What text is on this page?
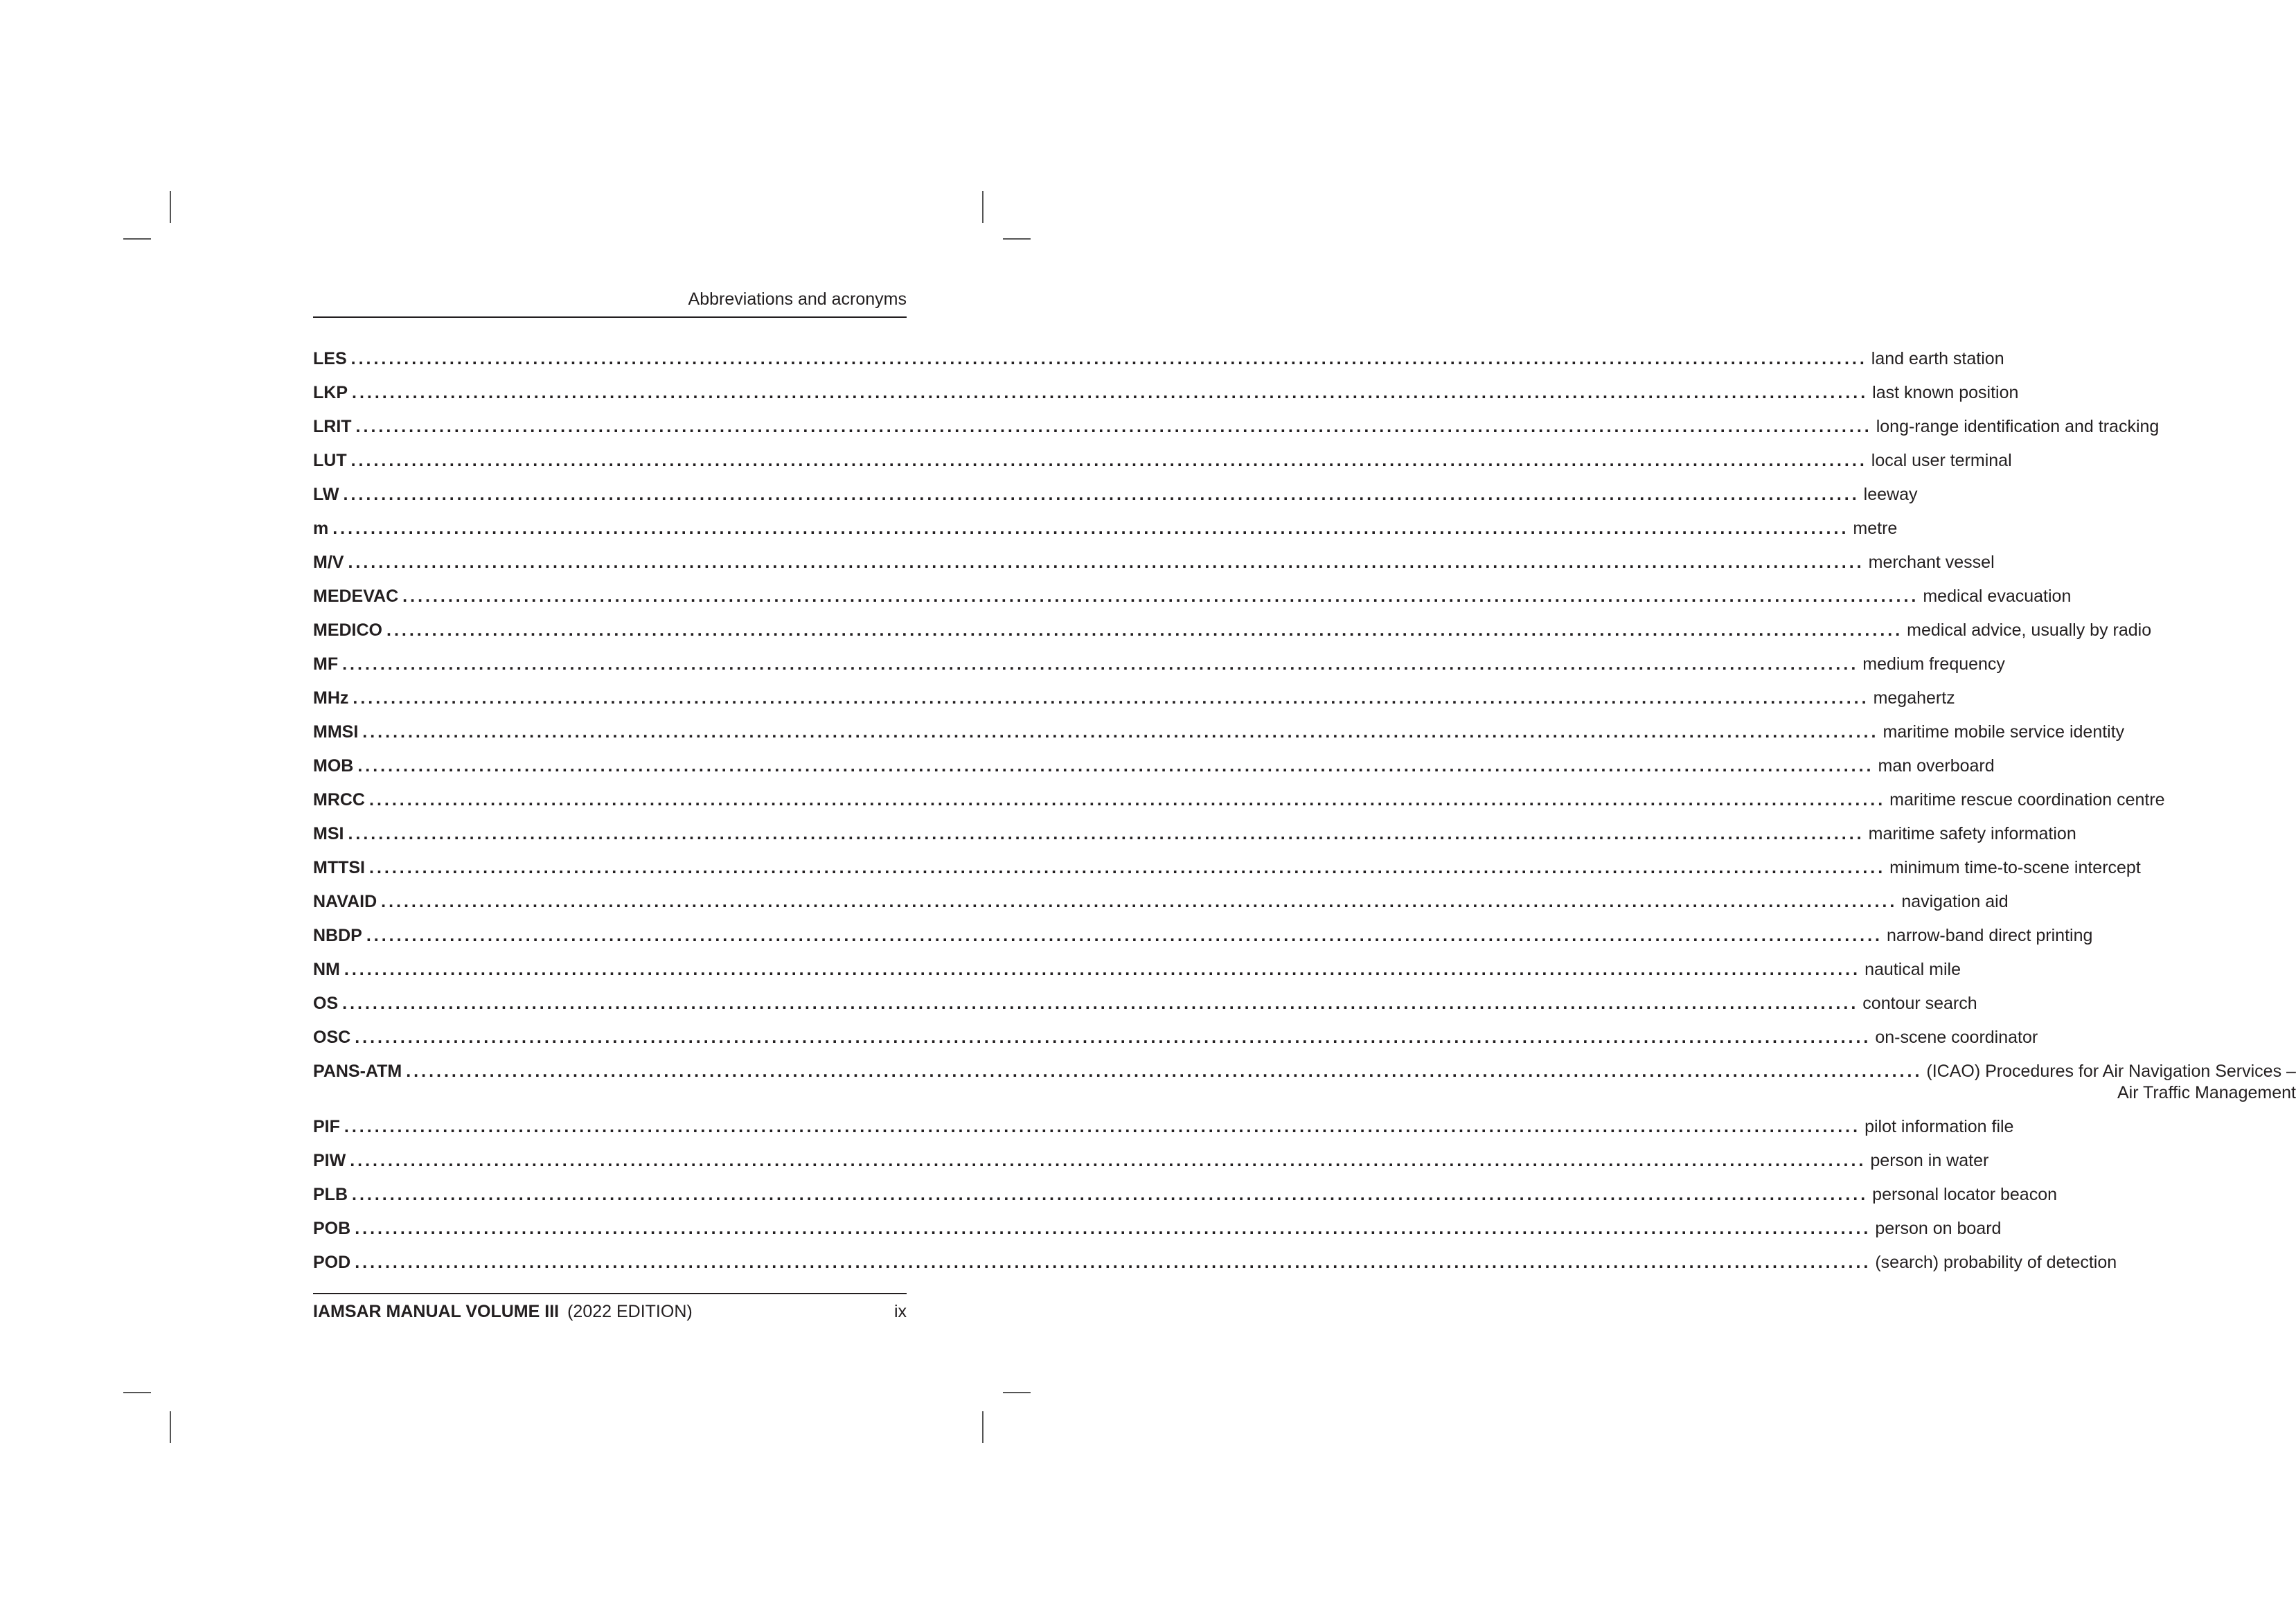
Abbreviations and acronyms
LES ........................................................................................................................................................................................................ land earth station
LKP ........................................................................................................................................................................................................ last known position
LRIT ........................................................................................................................................................................................................ long-range identification and tracking
LUT ........................................................................................................................................................................................................ local user terminal
LW ........................................................................................................................................................................................................ leeway
m ........................................................................................................................................................................................................ metre
M/V ........................................................................................................................................................................................................ merchant vessel
MEDEVAC ........................................................................................................................................................................................................ medical evacuation
MEDICO ........................................................................................................................................................................................................ medical advice, usually by radio
MF ........................................................................................................................................................................................................ medium frequency
MHz ........................................................................................................................................................................................................ megahertz
MMSI ........................................................................................................................................................................................................ maritime mobile service identity
MOB ........................................................................................................................................................................................................ man overboard
MRCC ........................................................................................................................................................................................................ maritime rescue coordination centre
MSI ........................................................................................................................................................................................................ maritime safety information
MTTSI ........................................................................................................................................................................................................ minimum time-to-scene intercept
NAVAID ........................................................................................................................................................................................................ navigation aid
NBDP ........................................................................................................................................................................................................ narrow-band direct printing
NM ........................................................................................................................................................................................................ nautical mile
OS ........................................................................................................................................................................................................ contour search
OSC ........................................................................................................................................................................................................ on-scene coordinator
PANS-ATM ........................................................................................................................................................................................................ (ICAO) Procedures for Air Navigation Services –
Air Traffic Management
PIF ........................................................................................................................................................................................................ pilot information file
PIW ........................................................................................................................................................................................................ person in water
PLB ........................................................................................................................................................................................................ personal locator beacon
POB ........................................................................................................................................................................................................ person on board
POD ........................................................................................................................................................................................................ (search) probability of detection
IAMSAR MANUAL VOLUME III (2022 EDITION)	ix
